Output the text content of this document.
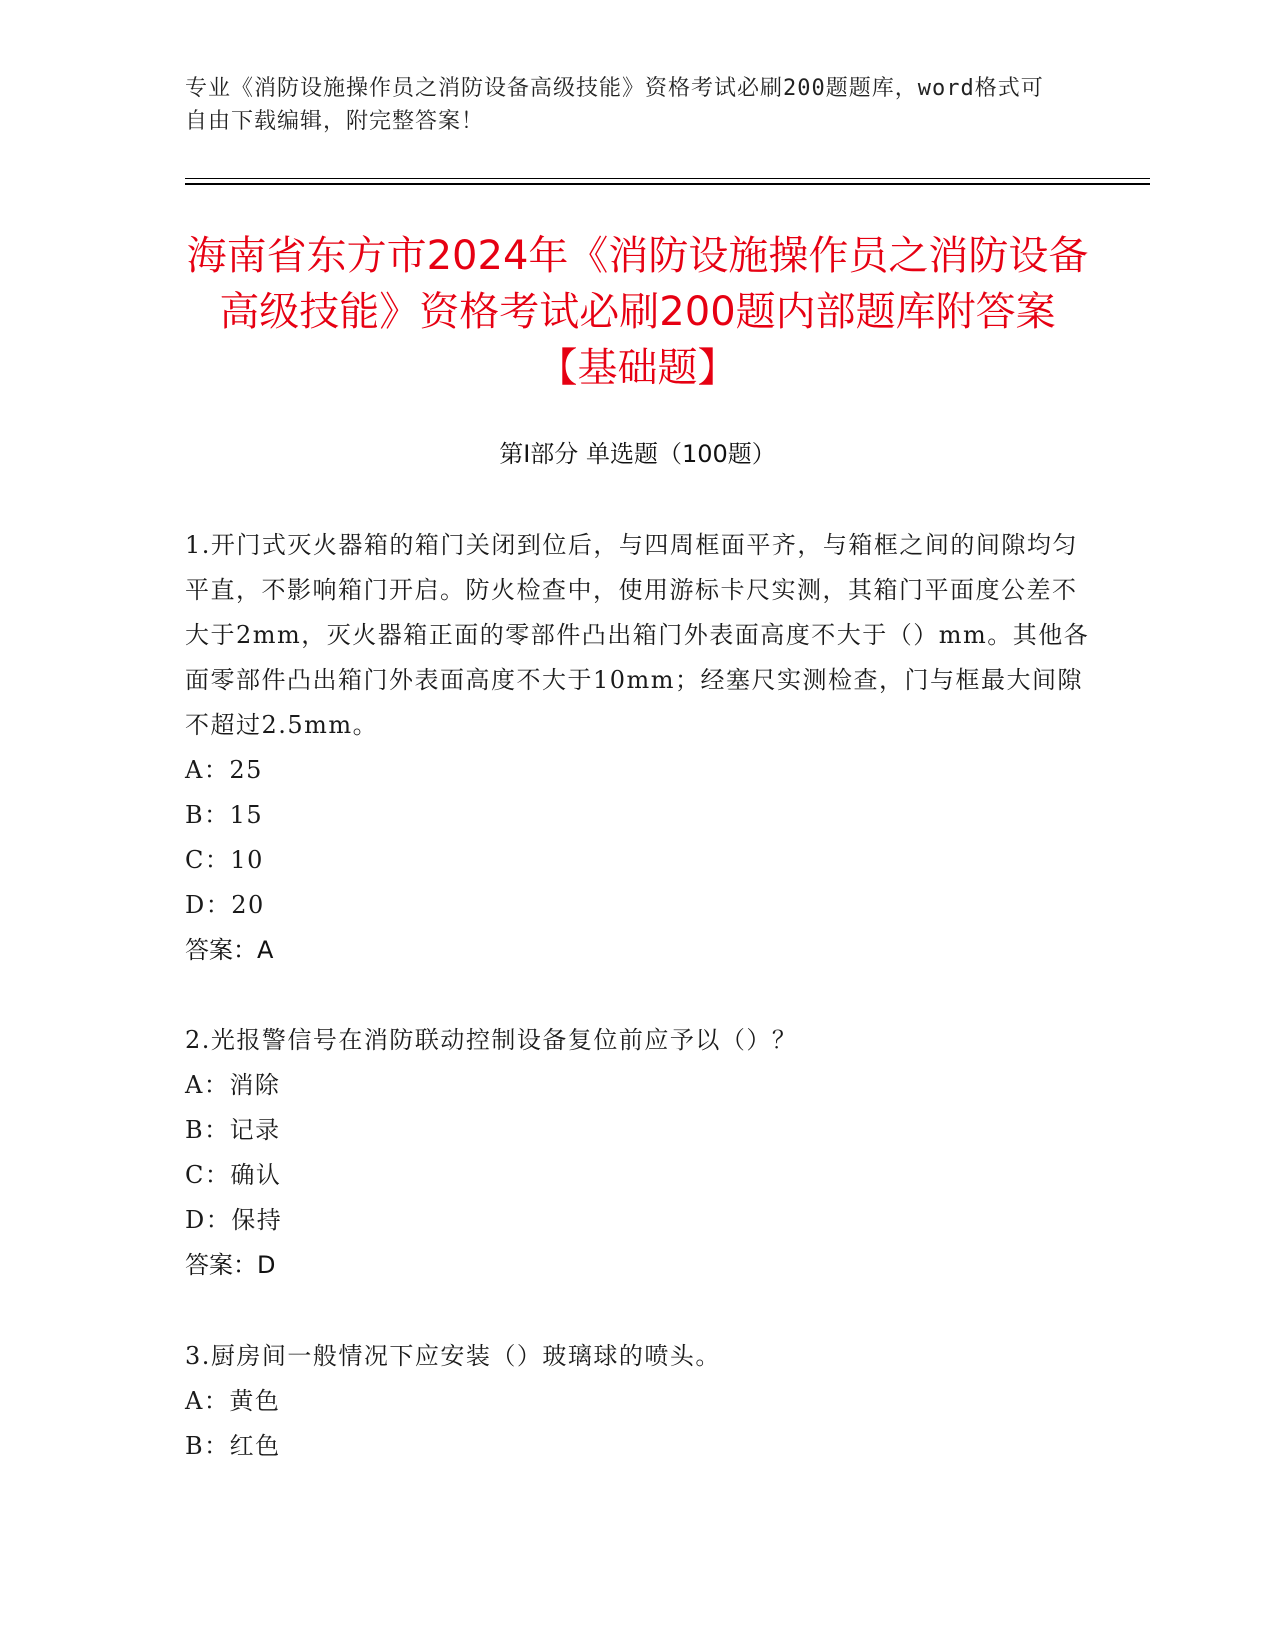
专业《消防设施操作员之消防设备高级技能》资格考试必刷200题题库，word格式可自由下载编辑，附完整答案！
海南省东方市2024年《消防设施操作员之消防设备高级技能》资格考试必刷200题内部题库附答案【基础题】
第Ⅰ部分 单选题（100题）

1.开门式灭火器箱的箱门关闭到位后，与四周框面平齐，与箱框之间的间隙均匀平直，不影响箱门开启。防火检查中，使用游标卡尺实测，其箱门平面度公差不大于2mm，灭火器箱正面的零部件凸出箱门外表面高度不大于（）mm。其他各面零部件凸出箱门外表面高度不大于10mm；经塞尺实测检查，门与框最大间隙不超过2.5mm。

A：25

B：15

C：10

D：20

答案：A

2.光报警信号在消防联动控制设备复位前应予以（）？

A：消除

B：记录

C：确认

D：保持

答案：D

3.厨房间一般情况下应安装（）玻璃球的喷头。

A：黄色

B：红色
